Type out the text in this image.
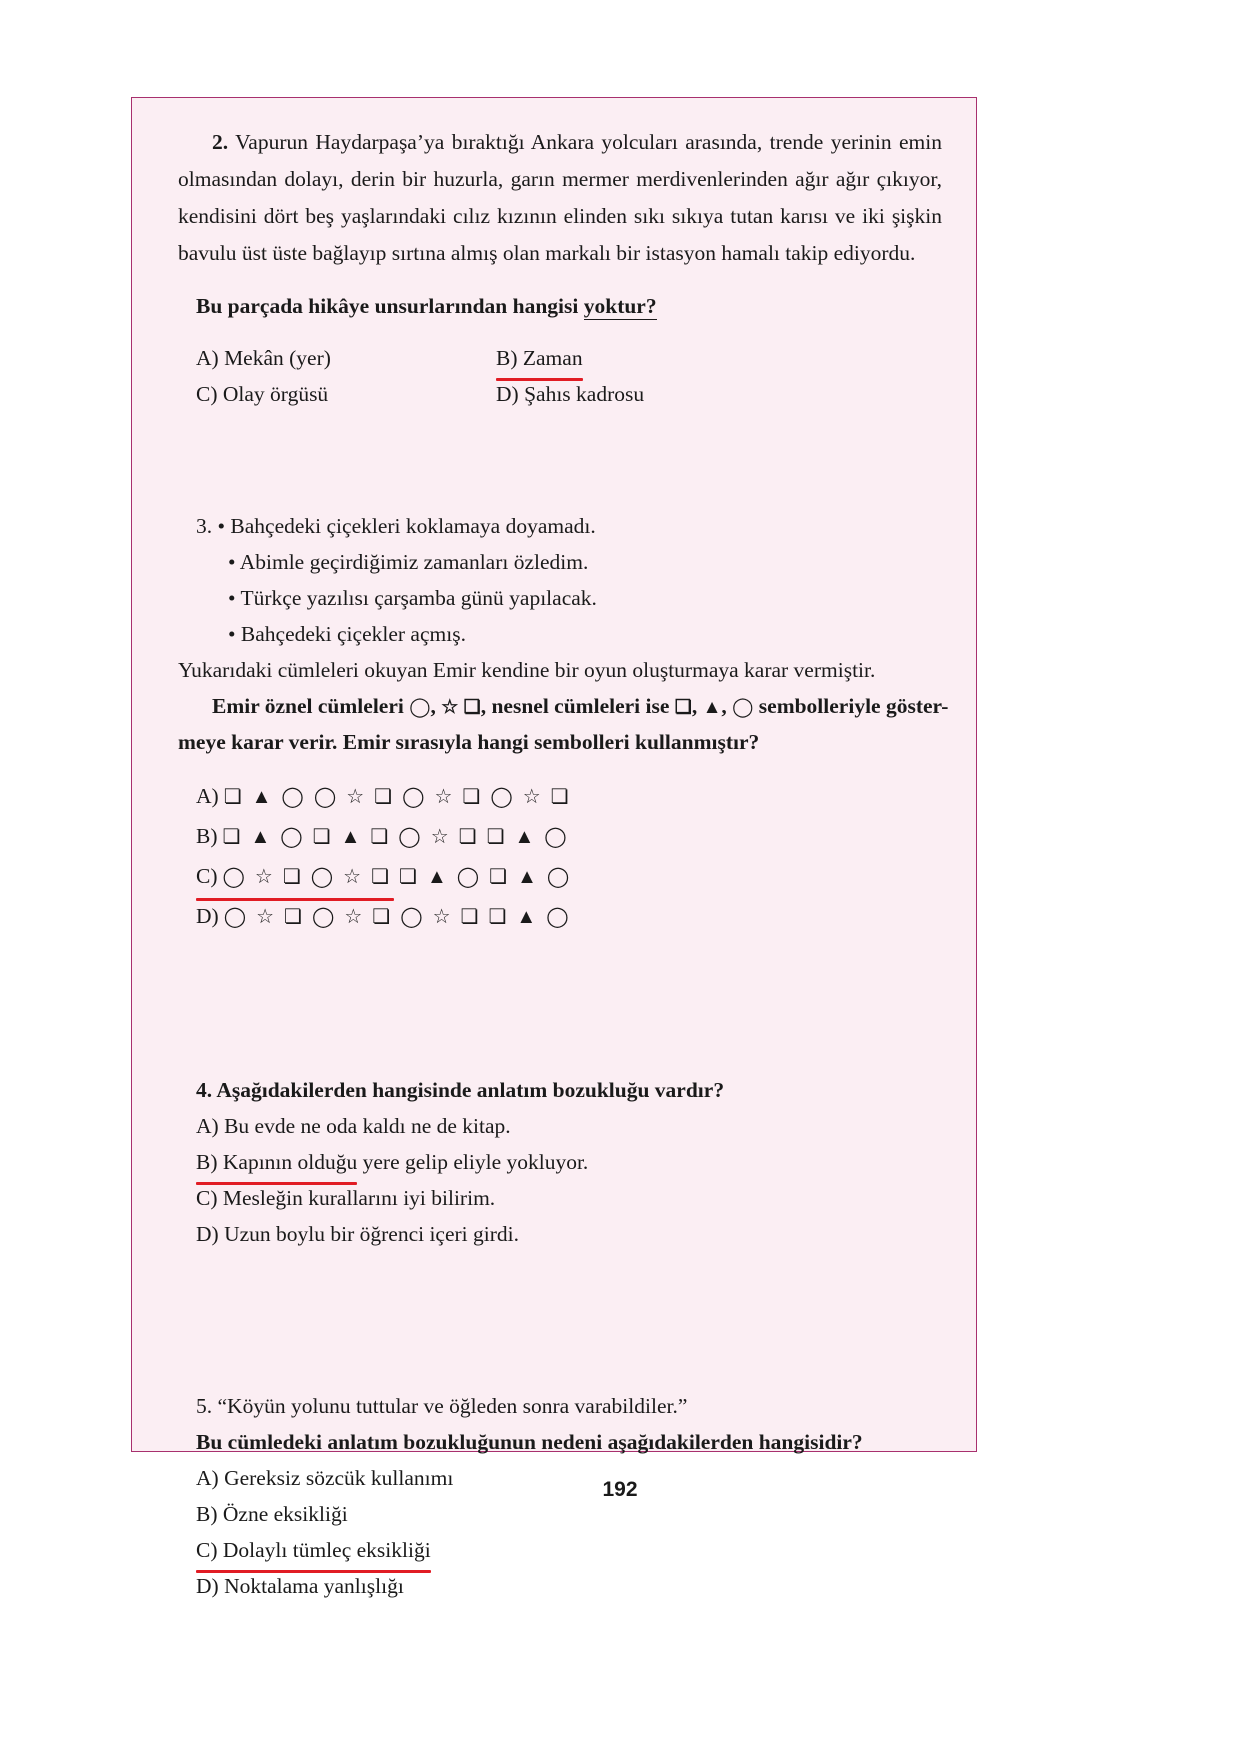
2. Vapurun Haydarpaşa’ya bıraktığı Ankara yolcuları arasında, trende yerinin emin olmasından dolayı, derin bir huzurla, garın mermer merdivenlerinden ağır ağır çıkıyor, kendisini dört beş yaşlarındaki cılız kızının elinden sıkı sıkıya tutan karısı ve iki şişkin bavulu üst üste bağlayıp sırtına almış olan markalı bir istasyon hamalı takip ediyordu.

Bu parçada hikâye unsurlarından hangisi yoktur?

A) Mekân (yer)	B) Zaman

C) Olay örgüsü	D) Şahıs kadrosu

3. • Bahçedeki çiçekleri koklamaya doyamadı.

• Abimle geçirdiğimiz zamanları özledim.

• Türkçe yazılısı çarşamba günü yapılacak.

• Bahçedeki çiçekler açmış.

Yukarıdaki cümleleri okuyan Emir kendine bir oyun oluşturmaya karar vermiştir.

Emir öznel cümleleri ◯, ☆ ❏, nesnel cümleleri ise ❏, ▲, ◯ sembolleriyle göster-
meye karar verir. Emir sırasıyla hangi sembolleri kullanmıştır?

A) ❏ ▲ ◯ ◯ ☆ ❏ ◯ ☆ ❏ ◯ ☆ ❏

B) ❏ ▲ ◯ ❏ ▲ ❏ ◯ ☆ ❏ ❏ ▲ ◯

C) ◯ ☆ ❏ ◯ ☆ ❏ ❏ ▲ ◯ ❏ ▲ ◯

D) ◯ ☆ ❏ ◯ ☆ ❏ ◯ ☆ ❏ ❏ ▲ ◯

4. Aşağıdakilerden hangisinde anlatım bozukluğu vardır?

A) Bu evde ne oda kaldı ne de kitap.

B) Kapının olduğu yere gelip eliyle yokluyor.

C) Mesleğin kurallarını iyi bilirim.

D) Uzun boylu bir öğrenci içeri girdi.

5. “Köyün yolunu tuttular ve öğleden sonra varabildiler.”

Bu cümledeki anlatım bozukluğunun nedeni aşağıdakilerden hangisidir?

A) Gereksiz sözcük kullanımı

B) Özne eksikliği

C) Dolaylı tümleç eksikliği

D) Noktalama yanlışlığı

192
